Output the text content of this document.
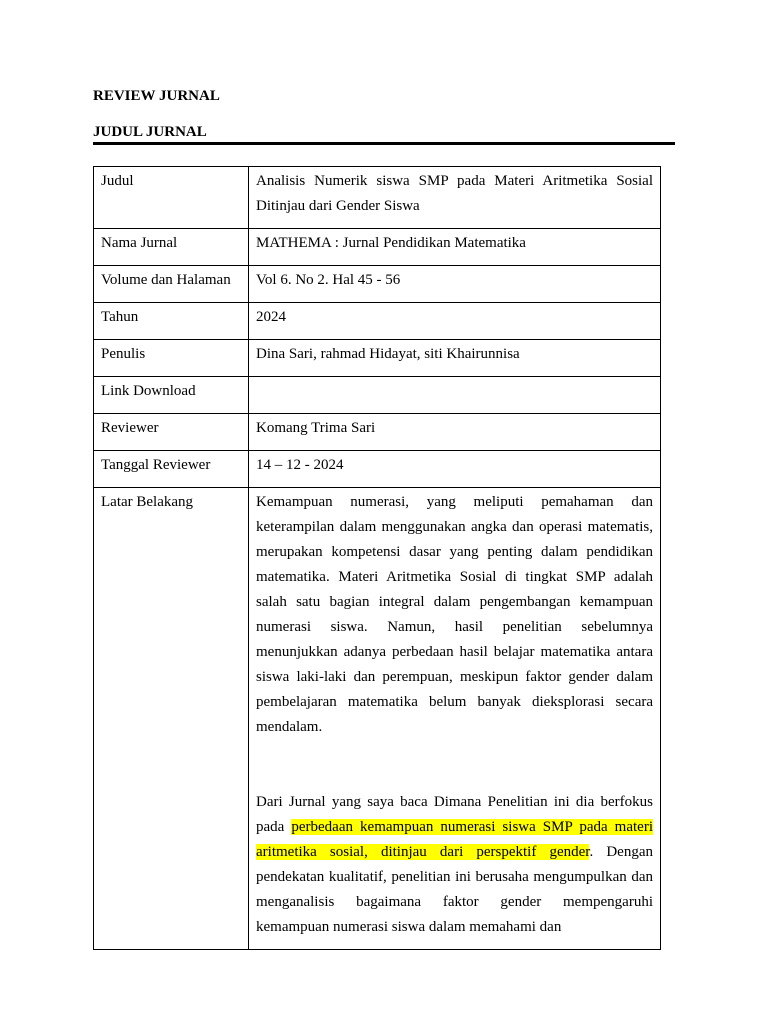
REVIEW JURNAL
JUDUL JURNAL
Judul	Analisis Numerik siswa SMP pada Materi Aritmetika Sosial Ditinjau dari Gender Siswa
Nama Jurnal	MATHEMA : Jurnal Pendidikan Matematika
Volume dan Halaman	Vol 6. No 2. Hal 45 - 56
Tahun	2024
Penulis	Dina Sari, rahmad Hidayat, siti Khairunnisa
Link Download	
Reviewer	Komang Trima Sari
Tanggal Reviewer	14 – 12 - 2024
Latar Belakang	Kemampuan numerasi, yang meliputi pemahaman dan keterampilan dalam menggunakan angka dan operasi matematis, merupakan kompetensi dasar yang penting dalam pendidikan matematika. Materi Aritmetika Sosial di tingkat SMP adalah salah satu bagian integral dalam pengembangan kemampuan numerasi siswa. Namun, hasil penelitian sebelumnya menunjukkan adanya perbedaan hasil belajar matematika antara siswa laki-laki dan perempuan, meskipun faktor gender dalam pembelajaran matematika belum banyak dieksplorasi secara mendalam.
Dari Jurnal yang saya baca Dimana Penelitian ini dia berfokus pada perbedaan kemampuan numerasi siswa SMP pada materi aritmetika sosial, ditinjau dari perspektif gender. Dengan pendekatan kualitatif, penelitian ini berusaha mengumpulkan dan menganalisis bagaimana faktor gender mempengaruhi kemampuan numerasi siswa dalam memahami dan
